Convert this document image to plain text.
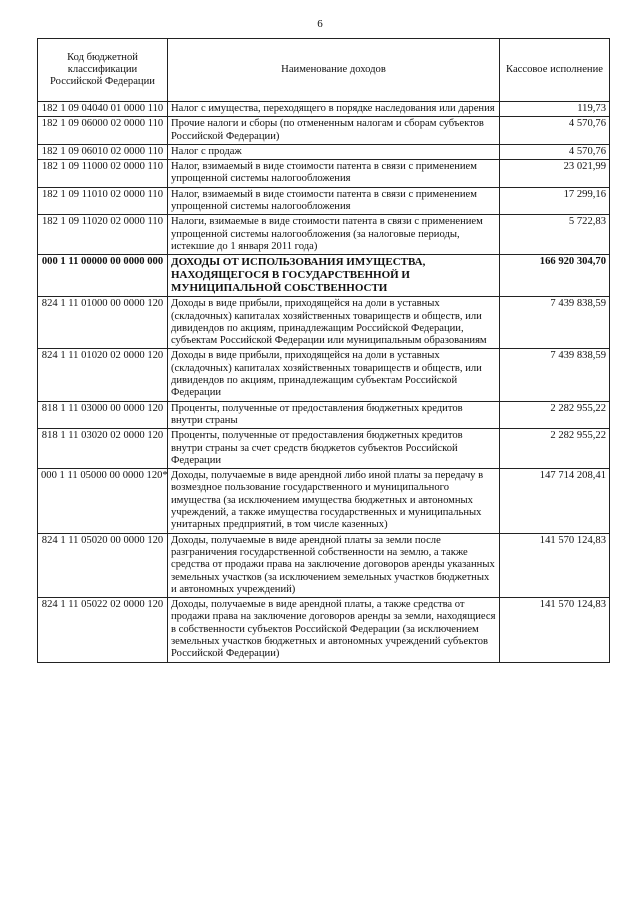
6
Код бюджетной классификации Российской Федерации	Наименование доходов	Кассовое исполнение
182 1 09 04040 01 0000 110	Налог с имущества, переходящего в порядке наследования или дарения	119,73
182 1 09 06000 02 0000 110	Прочие налоги и сборы (по отмененным налогам и сборам субъектов Российской Федерации)	4 570,76
182 1 09 06010 02 0000 110	Налог с продаж	4 570,76
182 1 09 11000 02 0000 110	Налог, взимаемый в виде стоимости патента в связи с применением упрощенной системы налогообложения	23 021,99
182 1 09 11010 02 0000 110	Налог, взимаемый в виде стоимости патента в связи с применением упрощенной системы налогообложения	17 299,16
182 1 09 11020 02 0000 110	Налоги, взимаемые в виде стоимости патента в связи с применением упрощенной системы налогообложения (за налоговые периоды, истекшие до 1 января 2011 года)	5 722,83
000 1 11 00000 00 0000 000	ДОХОДЫ ОТ ИСПОЛЬЗОВАНИЯ ИМУЩЕСТВА, НАХОДЯЩЕГОСЯ В ГОСУДАРСТВЕННОЙ И МУНИЦИПАЛЬНОЙ СОБСТВЕННОСТИ	166 920 304,70
824 1 11 01000 00 0000 120	Доходы в виде прибыли, приходящейся на доли в уставных (складочных) капиталах хозяйственных товариществ и обществ, или дивидендов по акциям, принадлежащим Российской Федерации, субъектам Российской Федерации или муниципальным образованиям	7 439 838,59
824 1 11 01020 02 0000 120	Доходы в виде прибыли, приходящейся на доли в уставных (складочных) капиталах хозяйственных товариществ и обществ, или дивидендов по акциям, принадлежащим субъектам Российской Федерации	7 439 838,59
818 1 11 03000 00 0000 120	Проценты, полученные от предоставления бюджетных кредитов внутри страны	2 282 955,22
818 1 11 03020 02 0000 120	Проценты, полученные от предоставления бюджетных кредитов внутри страны за счет средств бюджетов субъектов Российской Федерации	2 282 955,22
000 1 11 05000 00 0000 120*	Доходы, получаемые в виде арендной либо иной платы за передачу в возмездное пользование государственного и муниципального имущества (за исключением имущества бюджетных и автономных учреждений, а также имущества государственных и муниципальных унитарных предприятий, в том числе казенных)	147 714 208,41
824 1 11 05020 00 0000 120	Доходы, получаемые в виде арендной платы за земли после разграничения государственной собственности на землю, а также средства от продажи права на заключение договоров аренды указанных земельных участков (за исключением земельных участков бюджетных и автономных учреждений)	141 570 124,83
824 1 11 05022 02 0000 120	Доходы, получаемые в виде арендной платы, а также средства от продажи права на заключение договоров аренды за земли, находящиеся в собственности субъектов Российской Федерации (за исключением земельных участков бюджетных и автономных учреждений субъектов Российской Федерации)	141 570 124,83
